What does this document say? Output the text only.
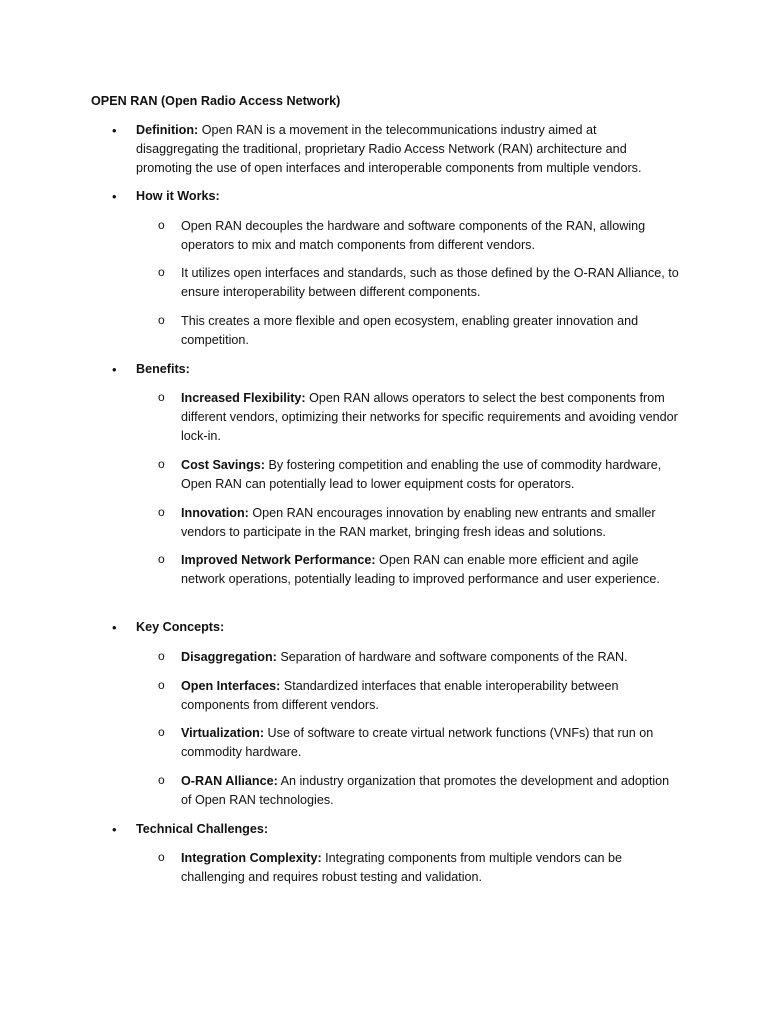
OPEN RAN (Open Radio Access Network)
• Definition: Open RAN is a movement in the telecommunications industry aimed at disaggregating the traditional, proprietary Radio Access Network (RAN) architecture and promoting the use of open interfaces and interoperable components from multiple vendors.
• How it Works:
o Open RAN decouples the hardware and software components of the RAN, allowing operators to mix and match components from different vendors.
o It utilizes open interfaces and standards, such as those defined by the O-RAN Alliance, to ensure interoperability between different components.
o This creates a more flexible and open ecosystem, enabling greater innovation and competition.
• Benefits:
o Increased Flexibility: Open RAN allows operators to select the best components from different vendors, optimizing their networks for specific requirements and avoiding vendor lock-in.
o Cost Savings: By fostering competition and enabling the use of commodity hardware, Open RAN can potentially lead to lower equipment costs for operators.
o Innovation: Open RAN encourages innovation by enabling new entrants and smaller vendors to participate in the RAN market, bringing fresh ideas and solutions.
o Improved Network Performance: Open RAN can enable more efficient and agile network operations, potentially leading to improved performance and user experience.
• Key Concepts:
o Disaggregation: Separation of hardware and software components of the RAN.
o Open Interfaces: Standardized interfaces that enable interoperability between components from different vendors.
o Virtualization: Use of software to create virtual network functions (VNFs) that run on commodity hardware.
o O-RAN Alliance: An industry organization that promotes the development and adoption of Open RAN technologies.
• Technical Challenges:
o Integration Complexity: Integrating components from multiple vendors can be challenging and requires robust testing and validation.
